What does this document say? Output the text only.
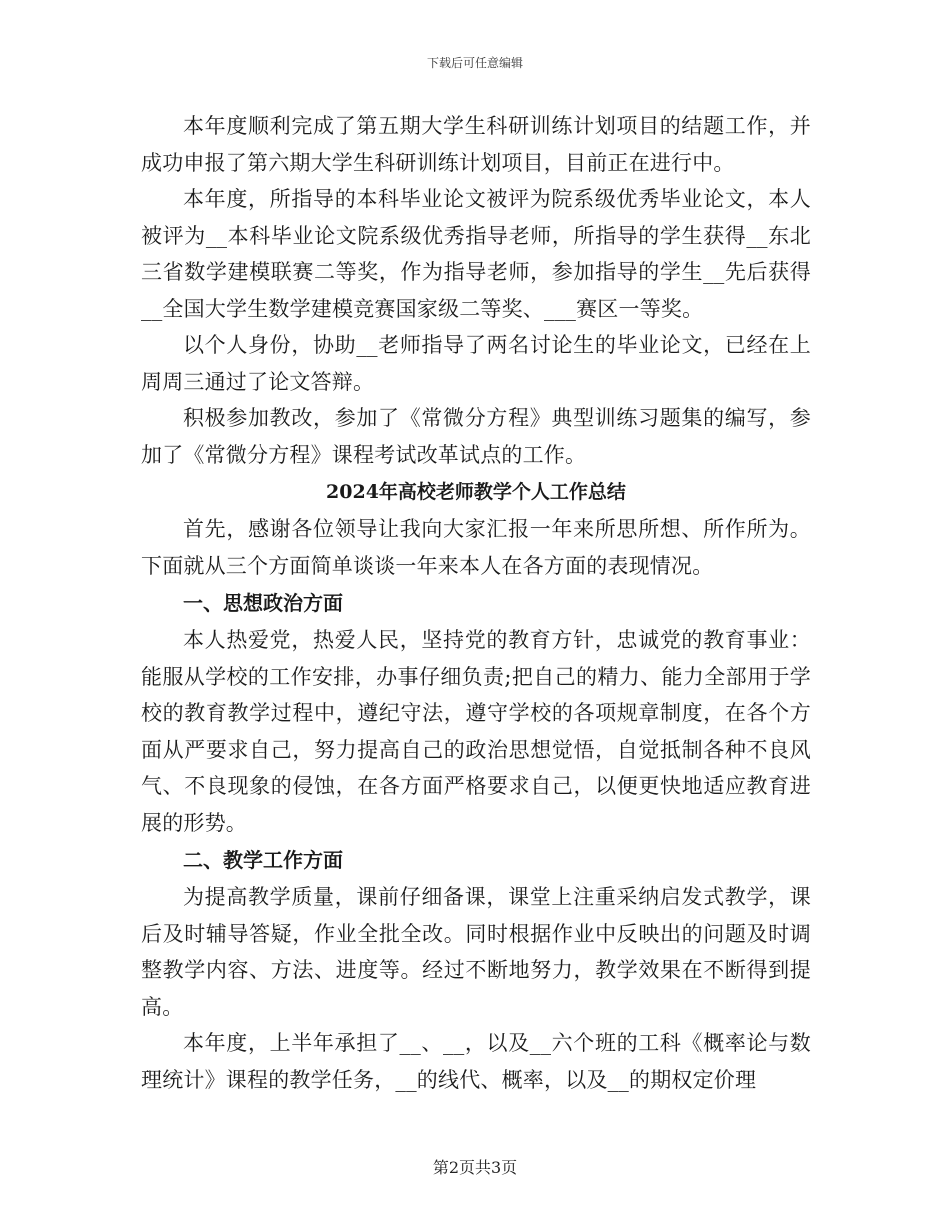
下载后可任意编辑

本年度顺利完成了第五期大学生科研训练计划项目的结题工作，并成功申报了第六期大学生科研训练计划项目，目前正在进行中。

本年度，所指导的本科毕业论文被评为院系级优秀毕业论文，本人被评为__本科毕业论文院系级优秀指导老师，所指导的学生获得__东北三省数学建模联赛二等奖，作为指导老师，参加指导的学生__先后获得__全国大学生数学建模竞赛国家级二等奖、___赛区一等奖。

以个人身份，协助__老师指导了两名讨论生的毕业论文，已经在上周周三通过了论文答辩。

积极参加教改，参加了《常微分方程》典型训练习题集的编写，参加了《常微分方程》课程考试改革试点的工作。

2024年高校老师教学个人工作总结

首先，感谢各位领导让我向大家汇报一年来所思所想、所作所为。下面就从三个方面简单谈谈一年来本人在各方面的表现情况。

一、思想政治方面

本人热爱党，热爱人民，坚持党的教育方针，忠诚党的教育事业：能服从学校的工作安排，办事仔细负责;把自己的精力、能力全部用于学校的教育教学过程中，遵纪守法，遵守学校的各项规章制度，在各个方面从严要求自己，努力提高自己的政治思想觉悟，自觉抵制各种不良风气、不良现象的侵蚀，在各方面严格要求自己，以便更快地适应教育进展的形势。

二、教学工作方面

为提高教学质量，课前仔细备课，课堂上注重采纳启发式教学，课后及时辅导答疑，作业全批全改。同时根据作业中反映出的问题及时调整教学内容、方法、进度等。经过不断地努力，教学效果在不断得到提高。

本年度，上半年承担了__、__，以及__六个班的工科《概率论与数理统计》课程的教学任务，__的线代、概率，以及__的期权定价理

第2页共3页
